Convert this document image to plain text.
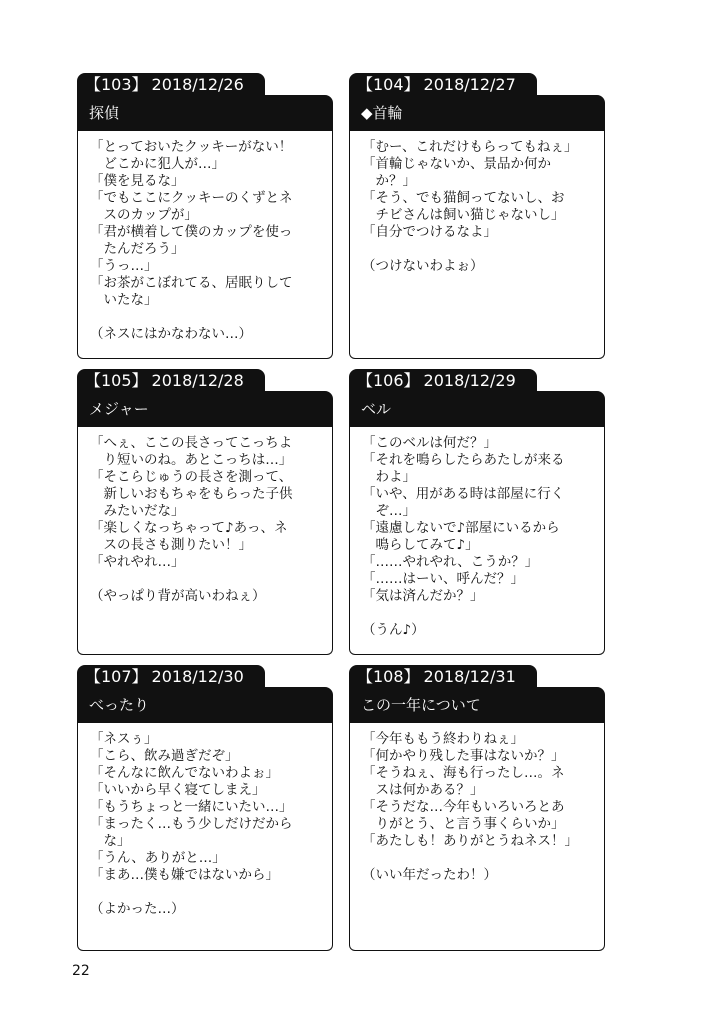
【103】 2018/12/26
探偵
「とっておいたクッキーがない！
　どこかに犯人が…」
「僕を見るな」
「でもここにクッキーのくずとネ
　スのカップが」
「君が横着して僕のカップを使っ
　たんだろう」
「うっ…」
「お茶がこぼれてる、居眠りして
　いたな」
（ネスにはかなわない…）
【104】 2018/12/27
◆首輪
「むー、これだけもらってもねぇ」
「首輪じゃないか、景品か何か
　か？」
「そう、でも猫飼ってないし、お
　チビさんは飼い猫じゃないし」
「自分でつけるなよ」
（つけないわよぉ）
【105】 2018/12/28
メジャー
「へぇ、ここの長さってこっちよ
　り短いのね。あとこっちは…」
「そこらじゅうの長さを測って、
　新しいおもちゃをもらった子供
　みたいだな」
「楽しくなっちゃって♪あっ、ネ
　スの長さも測りたい！」
「やれやれ…」
（やっぱり背が高いわねぇ）
【106】 2018/12/29
ベル
「このベルは何だ？」
「それを鳴らしたらあたしが来る
　わよ」
「いや、用がある時は部屋に行く
　ぞ…」
「遠慮しないで♪部屋にいるから
　鳴らしてみて♪」
「……やれやれ、こうか？」
「……はーい、呼んだ？」
「気は済んだか？」
（うん♪）
【107】 2018/12/30
べったり
「ネスぅ」
「こら、飲み過ぎだぞ」
「そんなに飲んでないわよぉ」
「いいから早く寝てしまえ」
「もうちょっと一緒にいたい…」
「まったく…もう少しだけだから
　な」
「うん、ありがと…」
「まあ…僕も嫌ではないから」
（よかった…）
【108】 2018/12/31
この一年について
「今年ももう終わりねぇ」
「何かやり残した事はないか？」
「そうねぇ、海も行ったし…。ネ
　スは何かある？」
「そうだな…今年もいろいろとあ
　りがとう、と言う事くらいか」
「あたしも！ありがとうねネス！」
（いい年だったわ！）
22
